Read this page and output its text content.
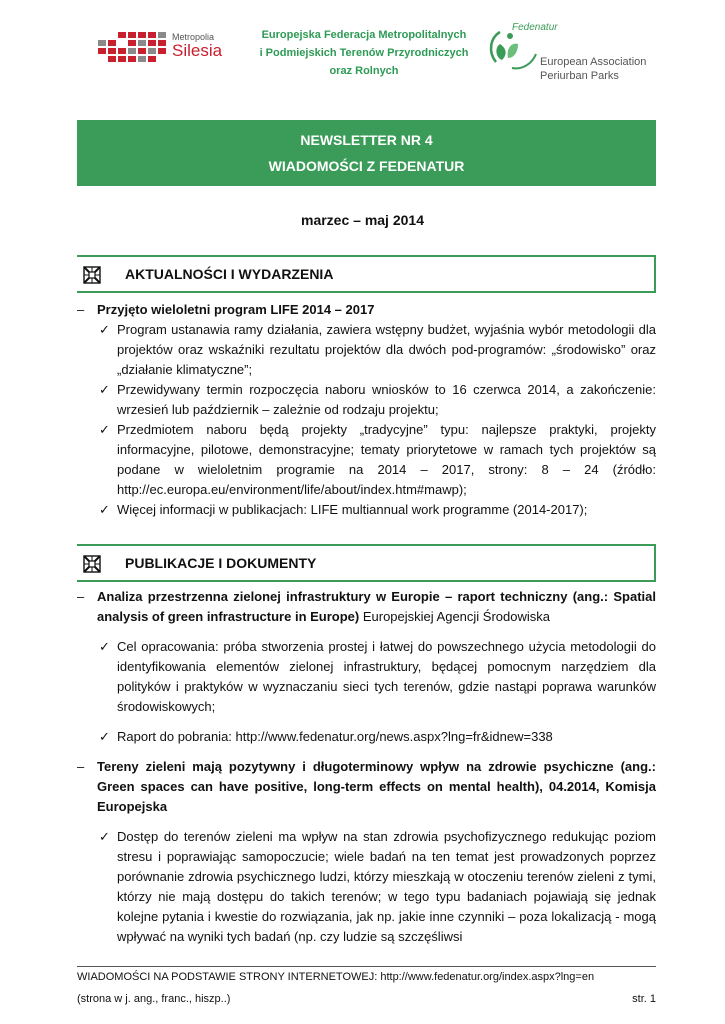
Metropolia
Silesia
Europejska Federacja Metropolitalnych
i Podmiejskich Terenów Przyrodniczych
oraz Rolnych
Fedenatur
European Association
Periurban Parks
NEWSLETTER NR 4
WIADOMOŚCI Z FEDENATUR
marzec – maj 2014
AKTUALNOŚCI I WYDARZENIA
– Przyjęto wieloletni program LIFE 2014 – 2017
✓ Program ustanawia ramy działania, zawiera wstępny budżet, wyjaśnia wybór metodologii dla projektów oraz wskaźniki rezultatu projektów dla dwóch pod-programów: „środowisko” oraz „działanie klimatyczne”;
✓ Przewidywany termin rozpoczęcia naboru wniosków to 16 czerwca 2014, a zakończenie: wrzesień lub październik – zależnie od rodzaju projektu;
✓ Przedmiotem naboru będą projekty „tradycyjne” typu: najlepsze praktyki, projekty informacyjne, pilotowe, demonstracyjne; tematy priorytetowe w ramach tych projektów są podane w wieloletnim programie na 2014 – 2017, strony: 8 – 24 (źródło: http://ec.europa.eu/environment/life/about/index.htm#mawp);
✓ Więcej informacji w publikacjach: LIFE multiannual work programme (2014-2017);
PUBLIKACJE I DOKUMENTY
– Analiza przestrzenna zielonej infrastruktury w Europie – raport techniczny (ang.: Spatial analysis of green infrastructure in Europe) Europejskiej Agencji Środowiska
✓ Cel opracowania: próba stworzenia prostej i łatwej do powszechnego użycia metodologii do identyfikowania elementów zielonej infrastruktury, będącej pomocnym narzędziem dla polityków i praktyków w wyznaczaniu sieci tych terenów, gdzie nastąpi poprawa warunków środowiskowych;
✓ Raport do pobrania: http://www.fedenatur.org/news.aspx?lng=fr&idnew=338
– Tereny zieleni mają pozytywny i długoterminowy wpływ na zdrowie psychiczne (ang.: Green spaces can have positive, long-term effects on mental health), 04.2014, Komisja Europejska
✓ Dostęp do terenów zieleni ma wpływ na stan zdrowia psychofizycznego redukując poziom stresu i poprawiając samopoczucie; wiele badań na ten temat jest prowadzonych poprzez porównanie zdrowia psychicznego ludzi, którzy mieszkają w otoczeniu terenów zieleni z tymi, którzy nie mają dostępu do takich terenów; w tego typu badaniach pojawiają się jednak kolejne pytania i kwestie do rozwiązania, jak np. jakie inne czynniki – poza lokalizacją - mogą wpływać na wyniki tych badań (np. czy ludzie są szczęśliwsi
WIADOMOŚCI NA PODSTAWIE STRONY INTERNETOWEJ: http://www.fedenatur.org/index.aspx?lng=en
(strona w j. ang., franc., hiszp..)	str. 1
